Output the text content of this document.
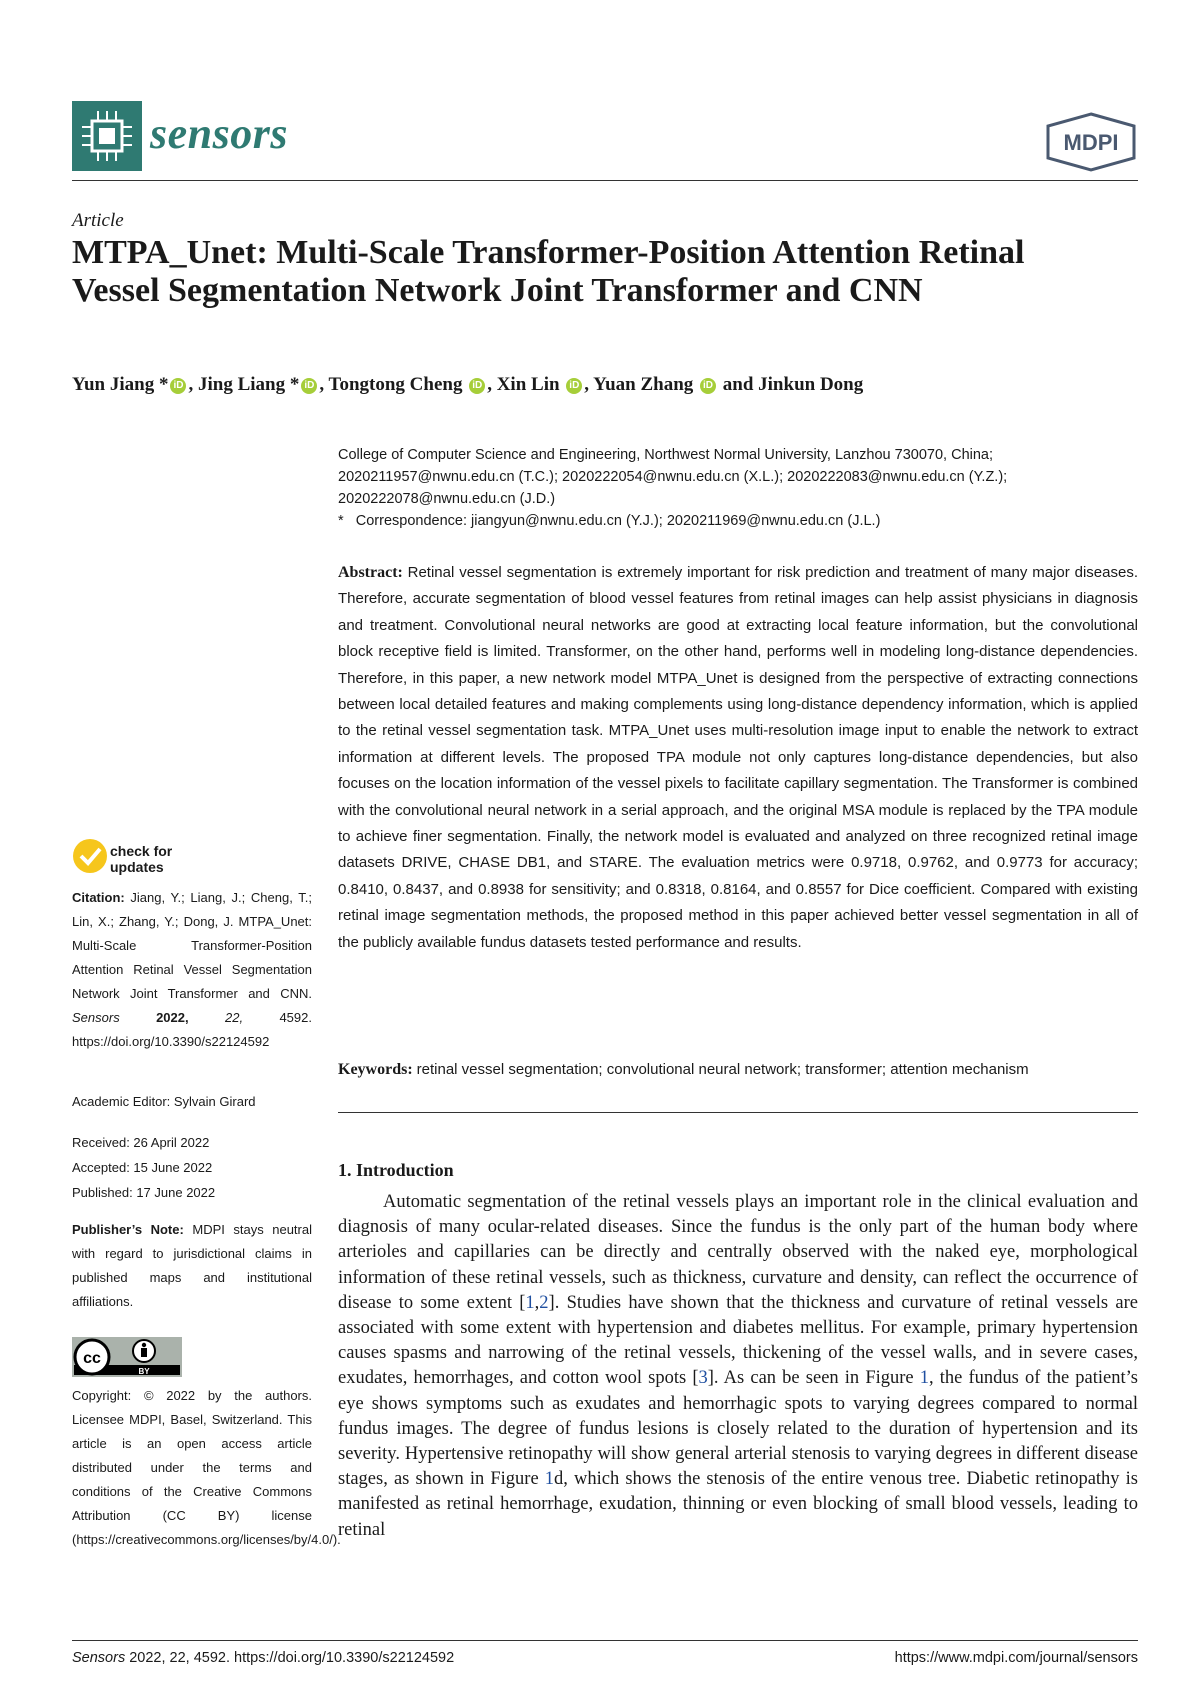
sensors	MDPI
Article
MTPA_Unet: Multi-Scale Transformer-Position Attention Retinal Vessel Segmentation Network Joint Transformer and CNN
Yun Jiang * iD , Jing Liang * iD , Tongtong Cheng iD , Xin Lin iD , Yuan Zhang iD and Jinkun Dong
College of Computer Science and Engineering, Northwest Normal University, Lanzhou 730070, China; 2020211957@nwnu.edu.cn (T.C.); 2020222054@nwnu.edu.cn (X.L.); 2020222083@nwnu.edu.cn (Y.Z.); 2020222078@nwnu.edu.cn (J.D.)
* Correspondence: jiangyun@nwnu.edu.cn (Y.J.); 2020211969@nwnu.edu.cn (J.L.)

Abstract: Retinal vessel segmentation is extremely important for risk prediction and treatment of many major diseases. Therefore, accurate segmentation of blood vessel features from retinal images can help assist physicians in diagnosis and treatment. Convolutional neural networks are good at extracting local feature information, but the convolutional block receptive field is limited. Transformer, on the other hand, performs well in modeling long-distance dependencies. Therefore, in this paper, a new network model MTPA_Unet is designed from the perspective of extracting connections between local detailed features and making complements using long-distance dependency information, which is applied to the retinal vessel segmentation task. MTPA_Unet uses multi-resolution image input to enable the network to extract information at different levels. The proposed TPA module not only captures long-distance dependencies, but also focuses on the location information of the vessel pixels to facilitate capillary segmentation. The Transformer is combined with the convolutional neural network in a serial approach, and the original MSA module is replaced by the TPA module to achieve finer segmentation. Finally, the network model is evaluated and analyzed on three recognized retinal image datasets DRIVE, CHASE DB1, and STARE. The evaluation metrics were 0.9718, 0.9762, and 0.9773 for accuracy; 0.8410, 0.8437, and 0.8938 for sensitivity; and 0.8318, 0.8164, and 0.8557 for Dice coefficient. Compared with existing retinal image segmentation methods, the proposed method in this paper achieved better vessel segmentation in all of the publicly available fundus datasets tested performance and results.

Keywords: retinal vessel segmentation; convolutional neural network; transformer; attention mechanism
1. Introduction

Automatic segmentation of the retinal vessels plays an important role in the clinical evaluation and diagnosis of many ocular-related diseases. Since the fundus is the only part of the human body where arterioles and capillaries can be directly and centrally observed with the naked eye, morphological information of these retinal vessels, such as thickness, curvature and density, can reflect the occurrence of disease to some extent [1,2]. Studies have shown that the thickness and curvature of retinal vessels are associated with some extent with hypertension and diabetes mellitus. For example, primary hypertension causes spasms and narrowing of the retinal vessels, thickening of the vessel walls, and in severe cases, exudates, hemorrhages, and cotton wool spots [3]. As can be seen in Figure 1, the fundus of the patient’s eye shows symptoms such as exudates and hemorrhagic spots to varying degrees compared to normal fundus images. The degree of fundus lesions is closely related to the duration of hypertension and its severity. Hypertensive retinopathy will show general arterial stenosis to varying degrees in different disease stages, as shown in Figure 1d, which shows the stenosis of the entire venous tree. Diabetic retinopathy is manifested as retinal hemorrhage, exudation, thinning or even blocking of small blood vessels, leading to retinal

check for
updates
Citation: Jiang, Y.; Liang, J.; Cheng, T.; Lin, X.; Zhang, Y.; Dong, J. MTPA_Unet: Multi-Scale Transformer-Position Attention Retinal Vessel Segmentation Network Joint Transformer and CNN. Sensors	2022,	22,	4592. https://doi.org/10.3390/s22124592
Academic Editor: Sylvain Girard
Received: 26 April 2022
Accepted: 15 June 2022
Published: 17 June 2022
Publisher’s Note: MDPI stays neutral with regard to jurisdictional claims in published maps and institutional affiliations.
cc
BY
Copyright: © 2022 by the authors. Licensee MDPI, Basel, Switzerland. This article is an open access article distributed under the terms and conditions of the Creative Commons Attribution (CC BY) license (https://creativecommons.org/licenses/by/4.0/).
Sensors 2022, 22, 4592. https://doi.org/10.3390/s22124592	https://www.mdpi.com/journal/sensors
